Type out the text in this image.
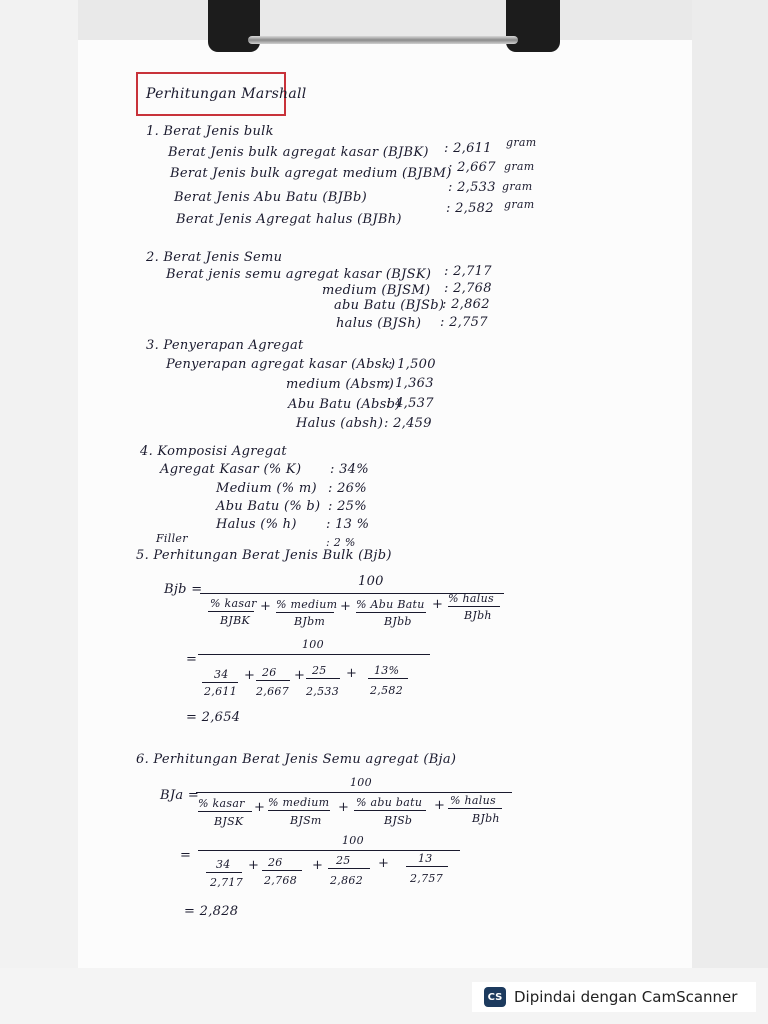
Perhitungan Marshall
1. Berat Jenis bulk
Berat Jenis bulk agregat kasar (BJBK) : 2,611 gram
Berat Jenis bulk agregat medium (BJBM)
: 2,667 gram
Berat Jenis Abu Batu (BJBb)
: 2,533 gram
Berat Jenis Agregat halus (BJBh)
: 2,582 gram
2. Berat Jenis Semu
Berat jenis semu agregat kasar (BJSK) : 2,717
medium (BJSM) : 2,768
abu Batu (BJSb)
: 2,862
halus (BJSh) : 2,757
3. Penyerapan Agregat
Penyerapan agregat kasar (Absk)
: 1,500
medium (Absm)
: 1,363
Abu Batu (Absb)
: 4,537
Halus (absh) : 2,459
4. Komposisi Agregat
Agregat Kasar (% K) : 34%
Medium (% m) : 26%
Abu Batu (% b) : 25%
Halus (% h) : 13 %
Filler	: 2 %
5. Perhitungan Berat Jenis Bulk (Bjb)
Bjb =
100
% kasar
BJBK
+ % medium
BJbm
+ % Abu Batu
BJbb
+ % halus
BJbh
=
100
34
2,611
+ 26
2,667
+ 25
2,533
+ 13%
2,582
= 2,654
6. Perhitungan Berat Jenis Semu agregat (Bja)
BJa =
100
% kasar
BJSK
+ % medium
BJSm
+ % abu batu
BJSb
+ % halus
BJbh
=
100
34
2,717
+ 26
2,768
+ 25
2,862
+	13
2,757
= 2,828
CS Dipindai dengan CamScanner
